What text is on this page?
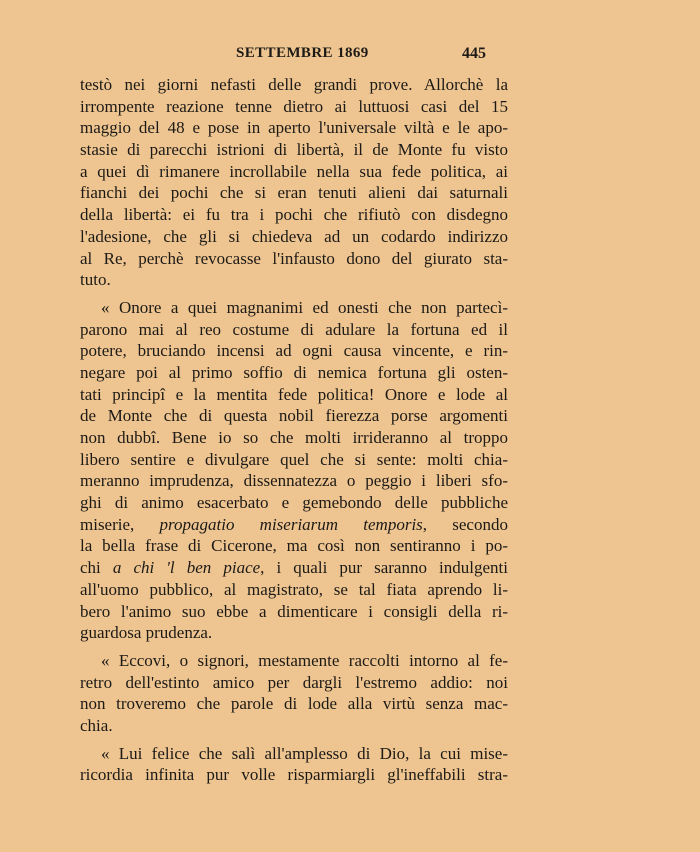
SETTEMBRE 1869	445
testò nei giorni nefasti delle grandi prove. Allorchè la
irrompente reazione tenne dietro ai luttuosi casi del 15
maggio del 48 e pose in aperto l'universale viltà e le apo-
stasie di parecchi istrioni di libertà, il de Monte fu visto
a quei dì rimanere incrollabile nella sua fede politica, ai
fianchi dei pochi che si eran tenuti alieni dai saturnali
della libertà: ei fu tra i pochi che rifiutò con disdegno
l'adesione, che gli si chiedeva ad un codardo indirizzo
al Re, perchè revocasse l'infausto dono del giurato sta-
tuto.
« Onore a quei magnanimi ed onesti che non partecì-
parono mai al reo costume di adulare la fortuna ed il
potere, bruciando incensi ad ogni causa vincente, e rin-
negare poi al primo soffio di nemica fortuna gli osten-
tati principî e la mentita fede politica! Onore e lode al
de Monte che di questa nobil fierezza porse argomenti
non dubbî. Bene io so che molti irrideranno al troppo
libero sentire e divulgare quel che si sente: molti chia-
meranno imprudenza, dissennatezza o peggio i liberi sfo-
ghi di animo esacerbato e gemebondo delle pubbliche
miserie, propagatio miseriarum temporis, secondo
la bella frase di Cicerone, ma così non sentiranno i po-
chi a chi 'l ben piace, i quali pur saranno indulgenti
all'uomo pubblico, al magistrato, se tal fiata aprendo li-
bero l'animo suo ebbe a dimenticare i consigli della ri-
guardosa prudenza.
« Eccovi, o signori, mestamente raccolti intorno al fe-
retro dell'estinto amico per dargli l'estremo addio: noi
non troveremo che parole di lode alla virtù senza mac-
chia.
« Lui felice che salì all'amplesso di Dio, la cui mise-
ricordia infinita pur volle risparmiargli gl'ineffabili stra-
